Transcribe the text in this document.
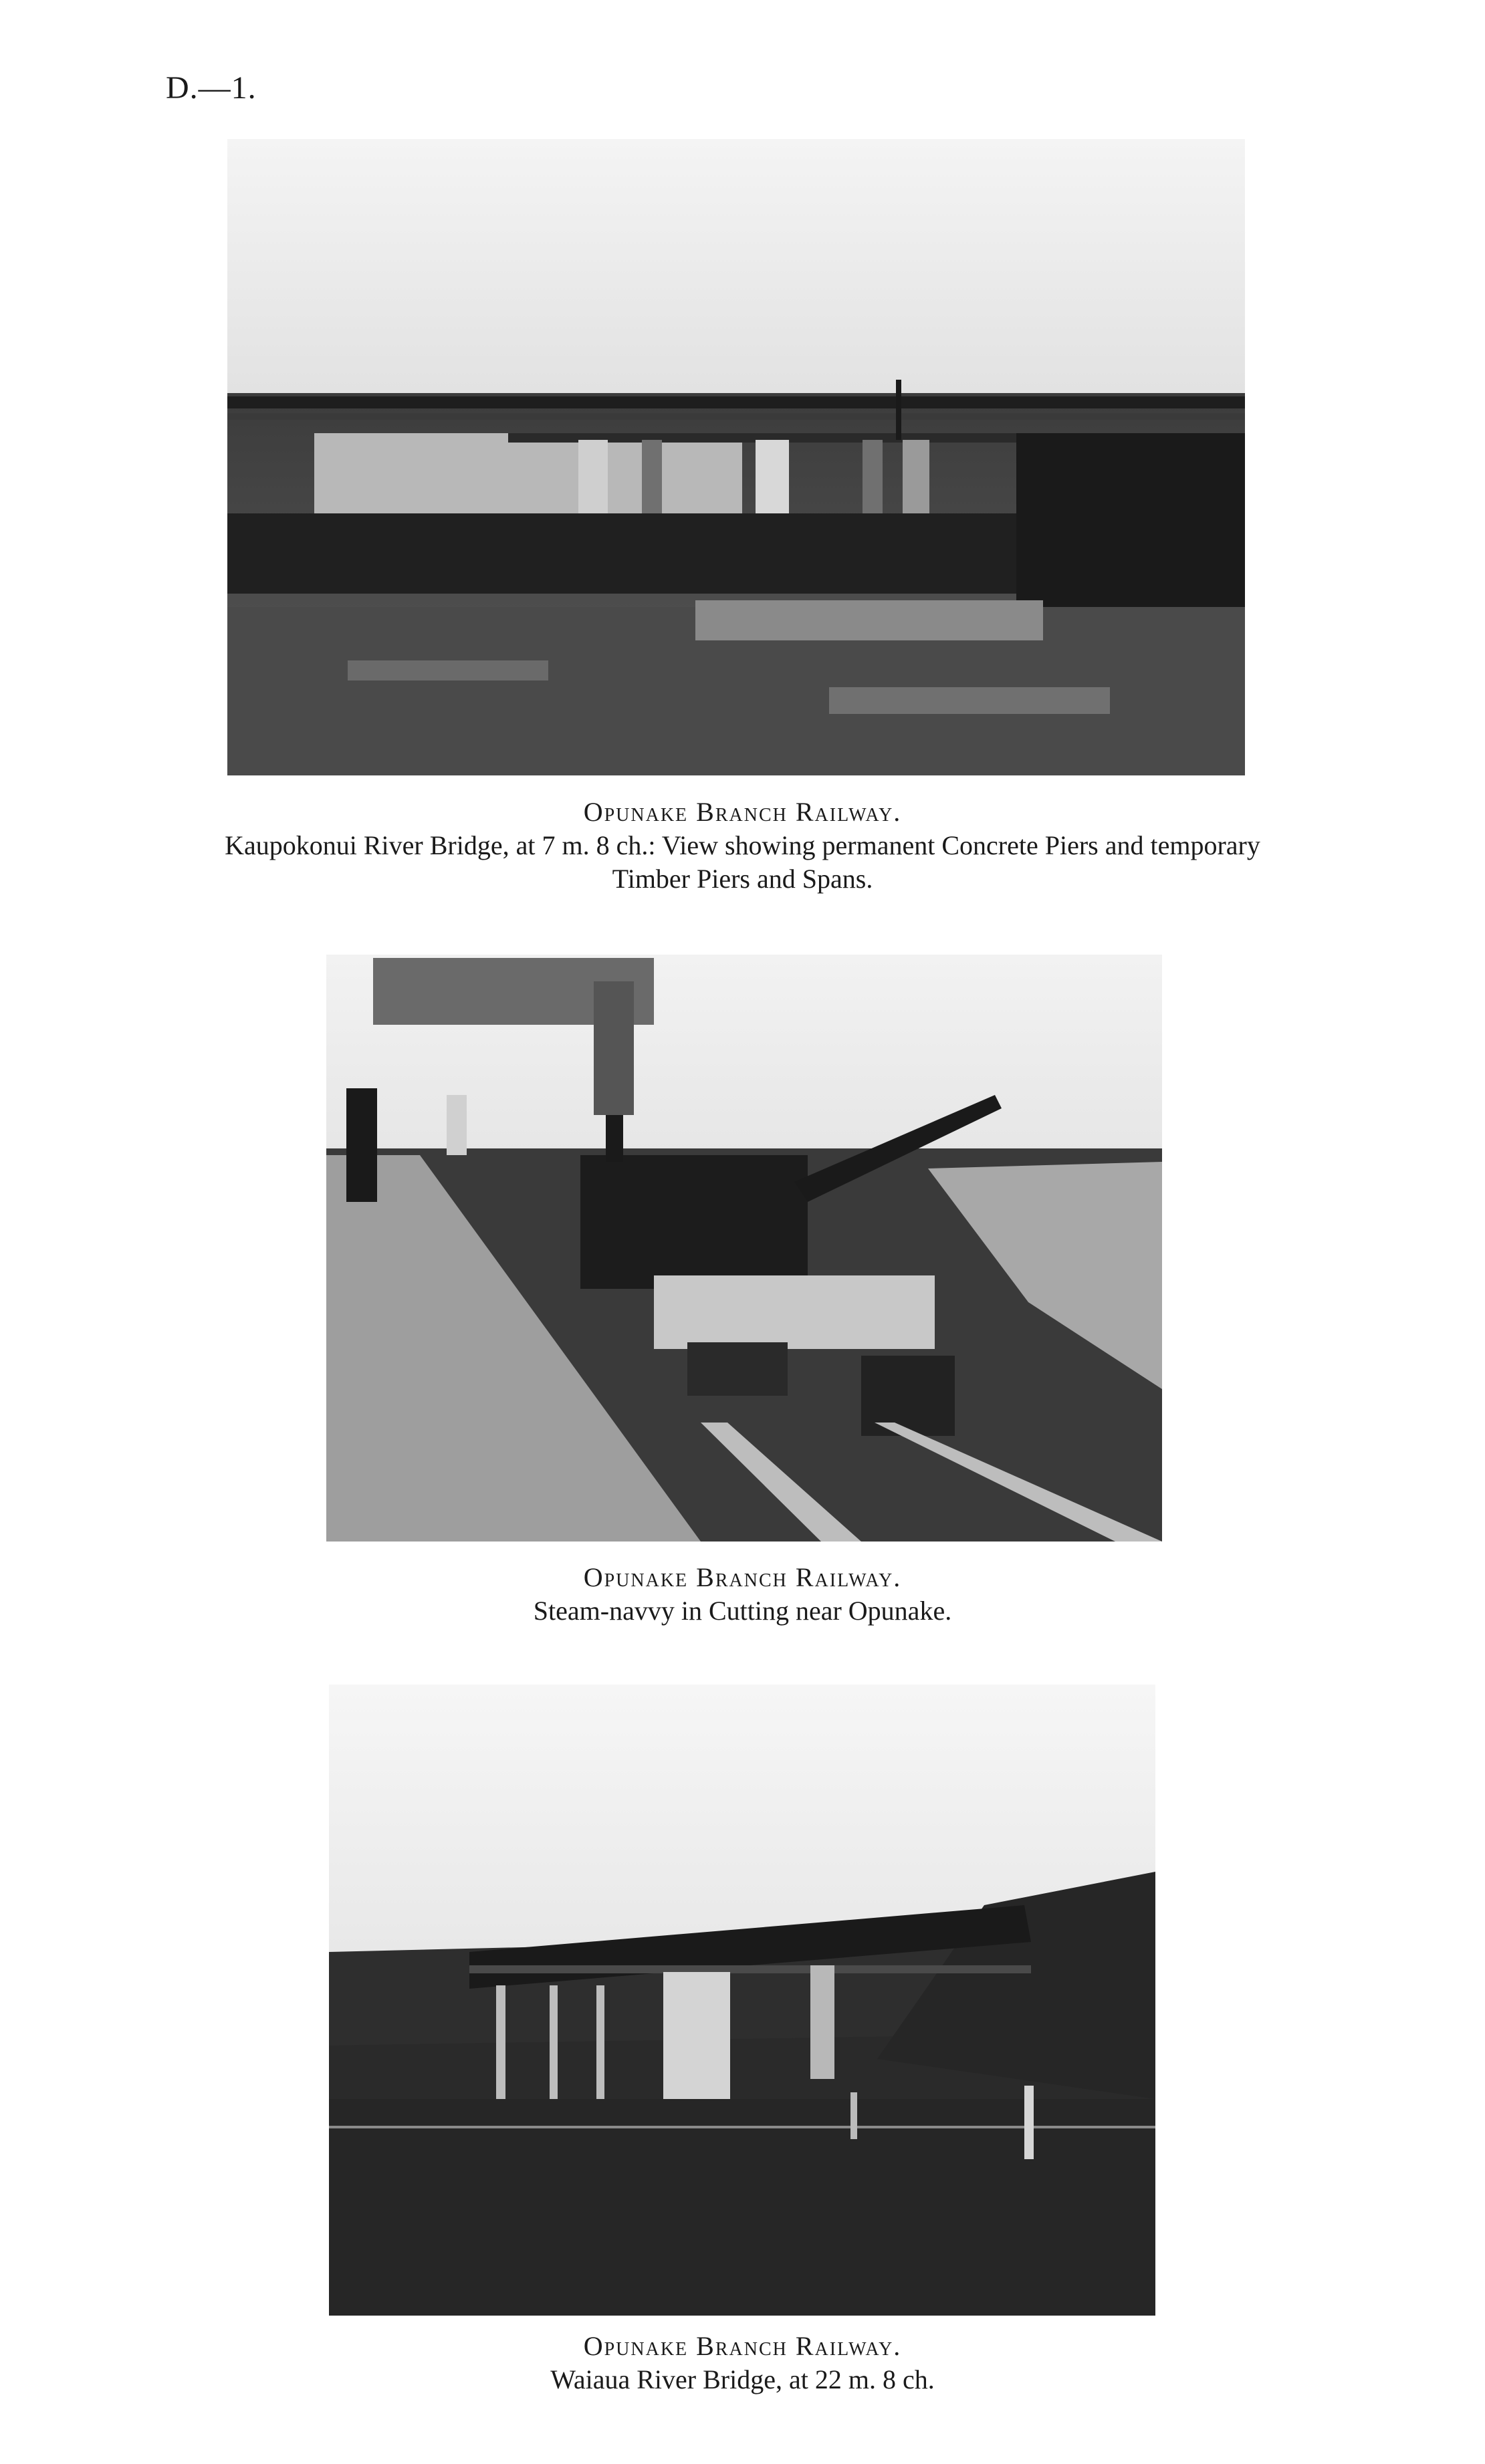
D.—1.
Opunake Branch Railway.
Kaupokonui River Bridge, at 7 m. 8 ch.: View showing permanent Concrete Piers and temporary Timber Piers and Spans.
Opunake Branch Railway.
Steam-navvy in Cutting near Opunake.
Opunake Branch Railway.
Waiaua River Bridge, at 22 m. 8 ch.
